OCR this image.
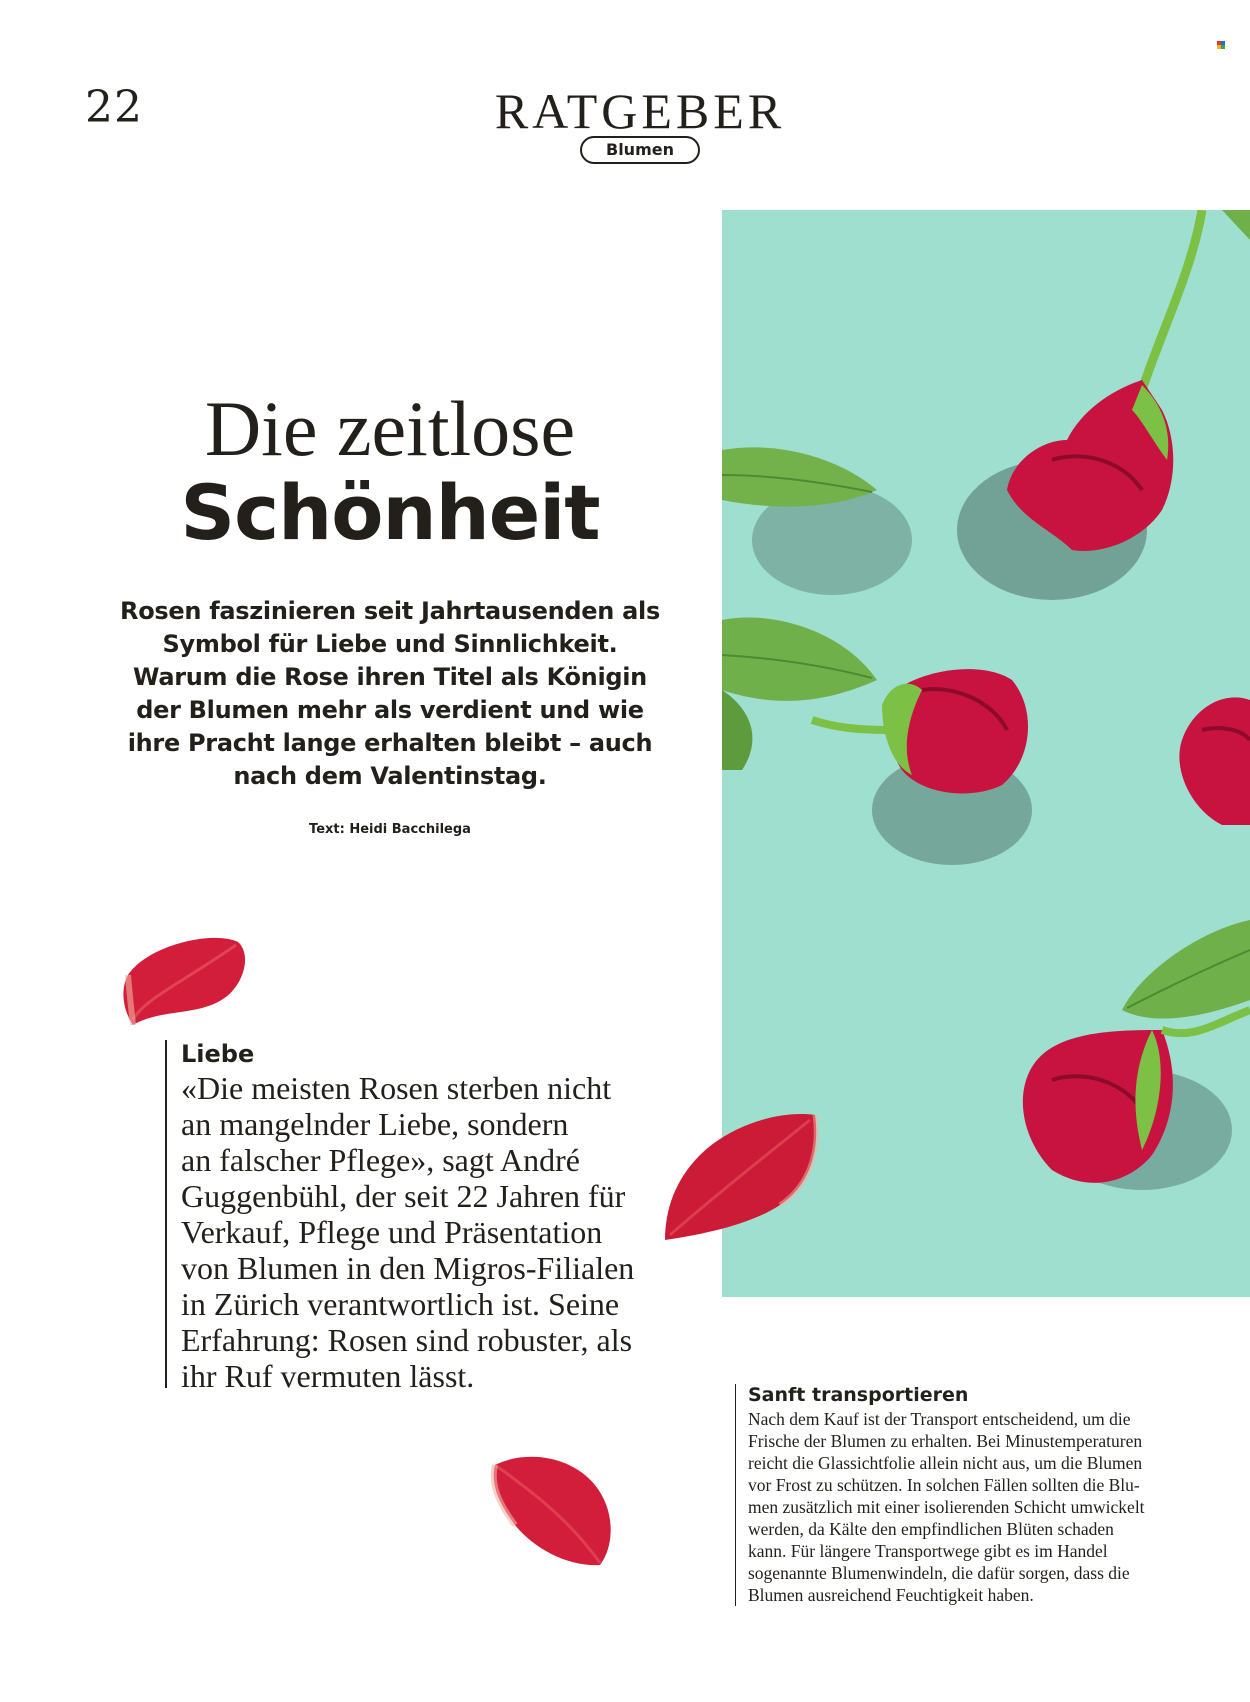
22	RATGEBER
Blumen
Die zeitlose
Schönheit

Rosen faszinieren seit Jahrtausenden als Symbol für Liebe und Sinnlichkeit. Warum die Rose ihren Titel als Königin der Blumen mehr als verdient und wie ihre Pracht lange erhalten bleibt – auch nach dem Valentinstag.

Text: Heidi Bacchilega
Liebe

«Die meisten Rosen sterben nicht
an mangelnder Liebe, sondern
an falscher Pflege», sagt André
Guggenbühl, der seit 22 Jahren für
Verkauf, Pflege und Präsentation
von Blumen in den Migros-Filialen
in Zürich verantwortlich ist. Seine
Erfahrung: Rosen sind robuster, als
ihr Ruf vermuten lässt.

Sanft transportieren

Nach dem Kauf ist der Transport entscheidend, um die
Frische der Blumen zu erhalten. Bei Minustemperaturen
reicht die Glassichtfolie allein nicht aus, um die Blumen
vor Frost zu schützen. In solchen Fällen sollten die Blu-
men zusätzlich mit einer isolierenden Schicht umwickelt
werden, da Kälte den empfindlichen Blüten schaden
kann. Für längere Transportwege gibt es im Handel
sogenannte Blumenwindeln, die dafür sorgen, dass die
Blumen ausreichend Feuchtigkeit haben.
